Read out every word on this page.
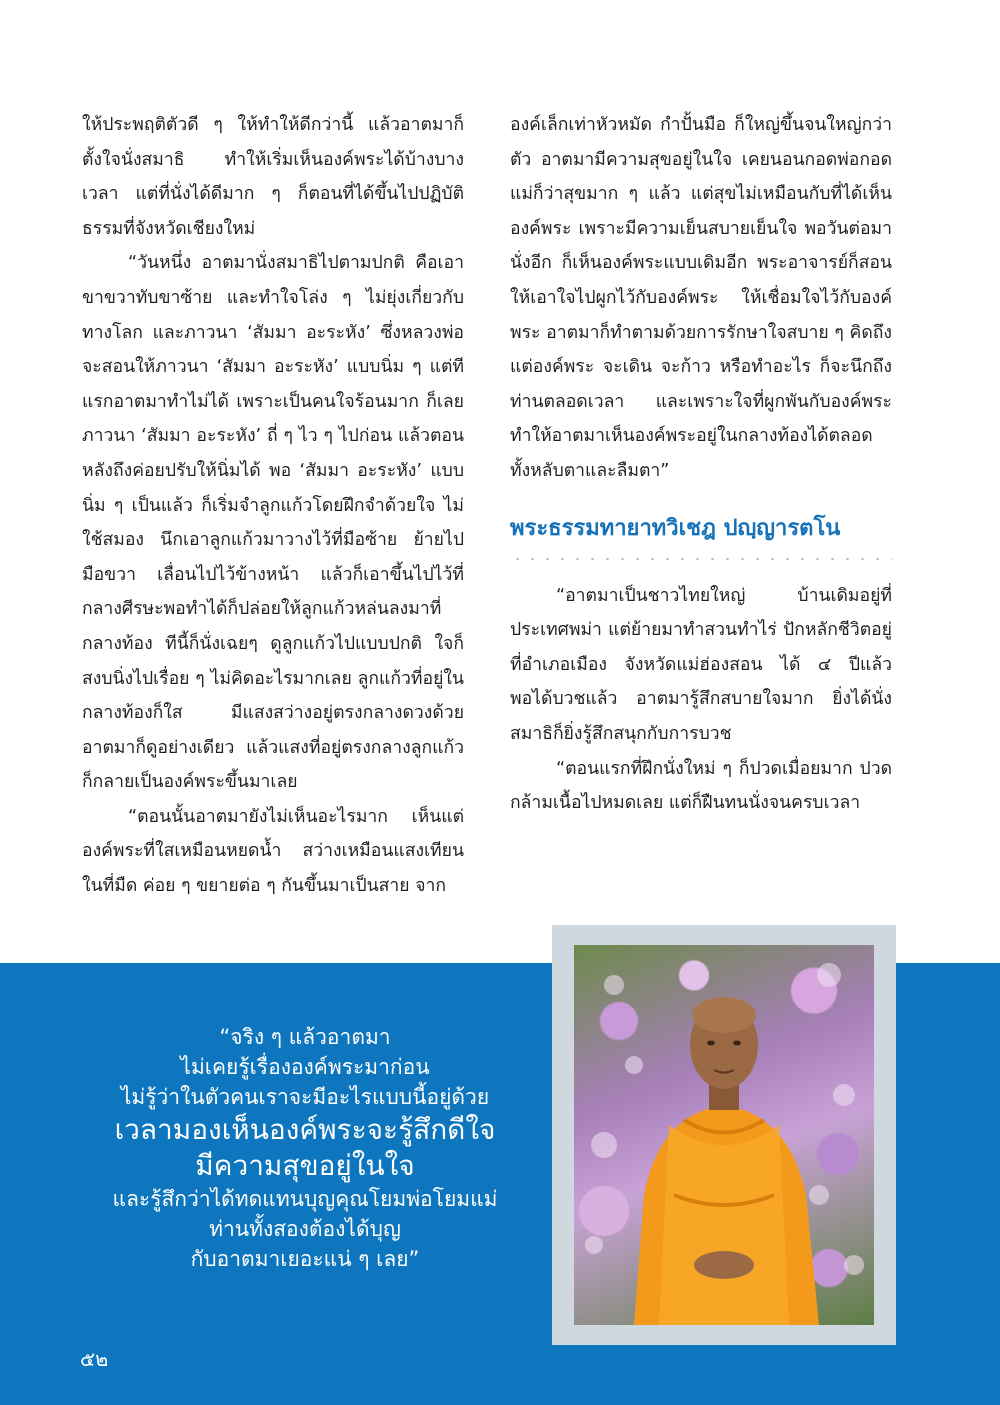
ให้ประพฤติตัวดี ๆ ให้ทำให้ดีกว่านี้ แล้วอาตมาก็ตั้งใจนั่งสมาธิ ทำให้เริ่มเห็นองค์พระได้บ้างบางเวลา แต่ที่นั่งได้ดีมาก ๆ ก็ตอนที่ได้ขึ้นไปปฏิบัติธรรมที่จังหวัดเชียงใหม่

“วันหนึ่ง อาตมานั่งสมาธิไปตามปกติ คือเอาขาขวาทับขาซ้าย และทำใจโล่ง ๆ ไม่ยุ่งเกี่ยวกับทางโลก และภาวนา ‘สัมมา อะระหัง’ ซึ่งหลวงพ่อจะสอนให้ภาวนา ‘สัมมา อะระหัง’ แบบนิ่ม ๆ แต่ทีแรกอาตมาทำไม่ได้ เพราะเป็นคนใจร้อนมาก ก็เลยภาวนา ‘สัมมา อะระหัง’ ถี่ ๆ ไว ๆ ไปก่อน แล้วตอนหลังถึงค่อยปรับให้นิ่มได้ พอ ‘สัมมา อะระหัง’ แบบนิ่ม ๆ เป็นแล้ว ก็เริ่มจำลูกแก้วโดยฝึกจำด้วยใจ ไม่ใช้สมอง นึกเอาลูกแก้วมาวางไว้ที่มือซ้าย ย้ายไปมือขวา เลื่อนไปไว้ข้างหน้า แล้วก็เอาขึ้นไปไว้ที่กลางศีรษะพอทำได้ก็ปล่อยให้ลูกแก้วหล่นลงมาที่กลางท้อง ทีนี้ก็นั่งเฉยๆ ดูลูกแก้วไปแบบปกติ ใจก็สงบนิ่งไปเรื่อย ๆ ไม่คิดอะไรมากเลย ลูกแก้วที่อยู่ในกลางท้องก็ใส มีแสงสว่างอยู่ตรงกลางดวงด้วย อาตมาก็ดูอย่างเดียว แล้วแสงที่อยู่ตรงกลางลูกแก้ว ก็กลายเป็นองค์พระขึ้นมาเลย

“ตอนนั้นอาตมายังไม่เห็นอะไรมาก เห็นแต่องค์พระที่ใสเหมือนหยดน้ำ สว่างเหมือนแสงเทียนในที่มืด ค่อย ๆ ขยายต่อ ๆ กันขึ้นมาเป็นสาย จาก

องค์เล็กเท่าหัวหมัด กำปั้นมือ ก็ใหญ่ขึ้นจนใหญ่กว่าตัว อาตมามีความสุขอยู่ในใจ เคยนอนกอดพ่อกอดแม่ก็ว่าสุขมาก ๆ แล้ว แต่สุขไม่เหมือนกับที่ได้เห็นองค์พระ เพราะมีความเย็นสบายเย็นใจ พอวันต่อมานั่งอีก ก็เห็นองค์พระแบบเดิมอีก พระอาจารย์ก็สอนให้เอาใจไปผูกไว้กับองค์พระ ให้เชื่อมใจไว้กับองค์พระ อาตมาก็ทำตามด้วยการรักษาใจสบาย ๆ คิดถึงแต่องค์พระ จะเดิน จะก้าว หรือทำอะไร ก็จะนึกถึงท่านตลอดเวลา และเพราะใจที่ผูกพันกับองค์พระ ทำให้อาตมาเห็นองค์พระอยู่ในกลางท้องได้ตลอดทั้งหลับตาและลืมตา”

พระธรรมทายาทวิเชฎ ปญฺญารตโน

“อาตมาเป็นชาวไทยใหญ่ บ้านเดิมอยู่ที่ประเทศพม่า แต่ย้ายมาทำสวนทำไร่ ปักหลักชีวิตอยู่ที่อำเภอเมือง จังหวัดแม่ฮ่องสอน ได้ ๔ ปีแล้ว พอได้บวชแล้ว อาตมารู้สึกสบายใจมาก ยิ่งได้นั่งสมาธิก็ยิ่งรู้สึกสนุกกับการบวช

“ตอนแรกที่ฝึกนั่งใหม่ ๆ ก็ปวดเมื่อยมาก ปวดกล้ามเนื้อไปหมดเลย แต่ก็ฝืนทนนั่งจนครบเวลา

“จริง ๆ แล้วอาตมา
ไม่เคยรู้เรื่ององค์พระมาก่อน
ไม่รู้ว่าในตัวคนเราจะมีอะไรแบบนี้อยู่ด้วย
เวลามองเห็นองค์พระจะรู้สึกดีใจ
มีความสุขอยู่ในใจ
และรู้สึกว่าได้ทดแทนบุญคุณโยมพ่อโยมแม่
ท่านทั้งสองต้องได้บุญ
กับอาตมาเยอะแน่ ๆ เลย”
๕๒
